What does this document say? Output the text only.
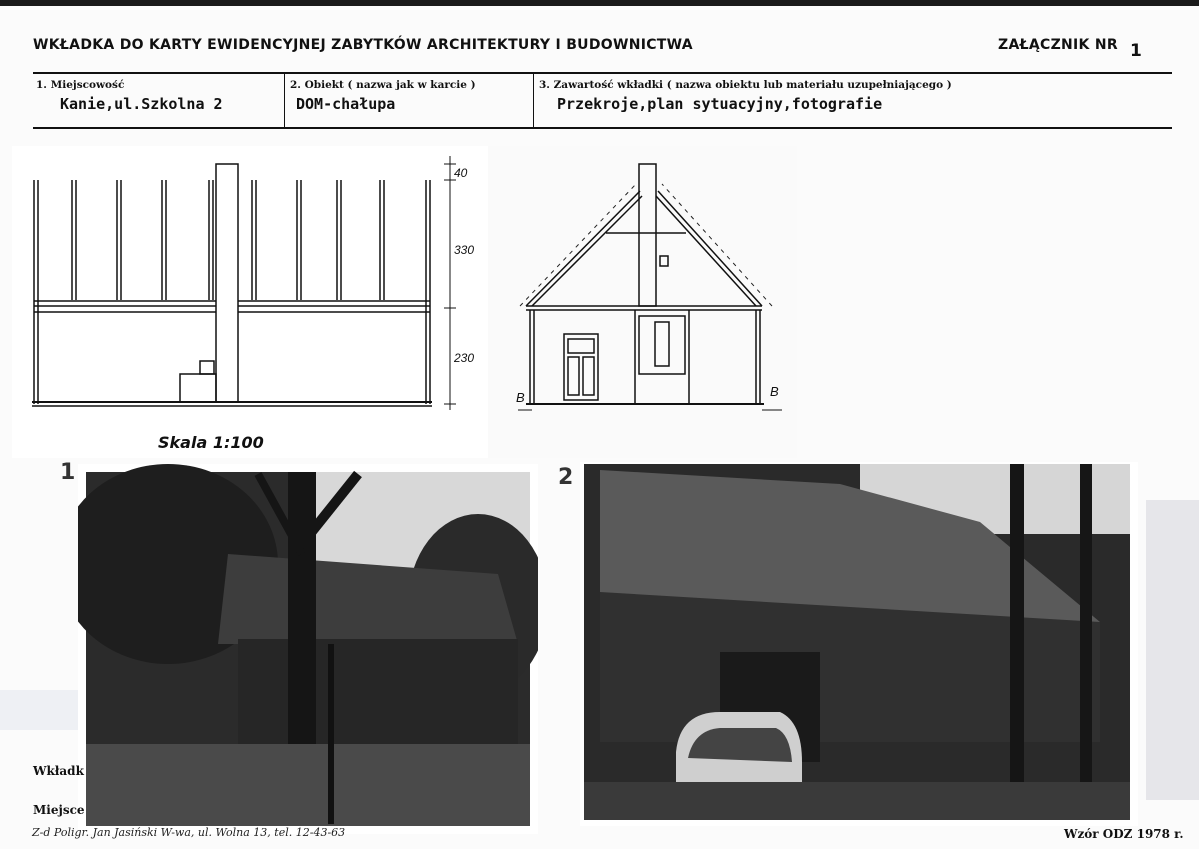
WKŁADKA DO KARTY EWIDENCYJNEJ ZABYTKÓW ARCHITEKTURY I BUDOWNICTWA	ZAŁĄCZNIK NR 1
1. Miejscowość
Kanie,ul.Szkolna 2
2. Obiekt ( nazwa jak w karcie )
DOM-chałupa
3. Zawartość wkładki ( nazwa obiektu lub materiału uzupełniającego )
Przekroje,plan sytuacyjny,fotografie
40
330
230
B	B
Skala 1:100
1	2
Wkładk
Miejsce
Z-d Poligr. Jan Jasiński W-wa, ul. Wolna 13, tel. 12-43-63	Wzór ODZ 1978 r.
